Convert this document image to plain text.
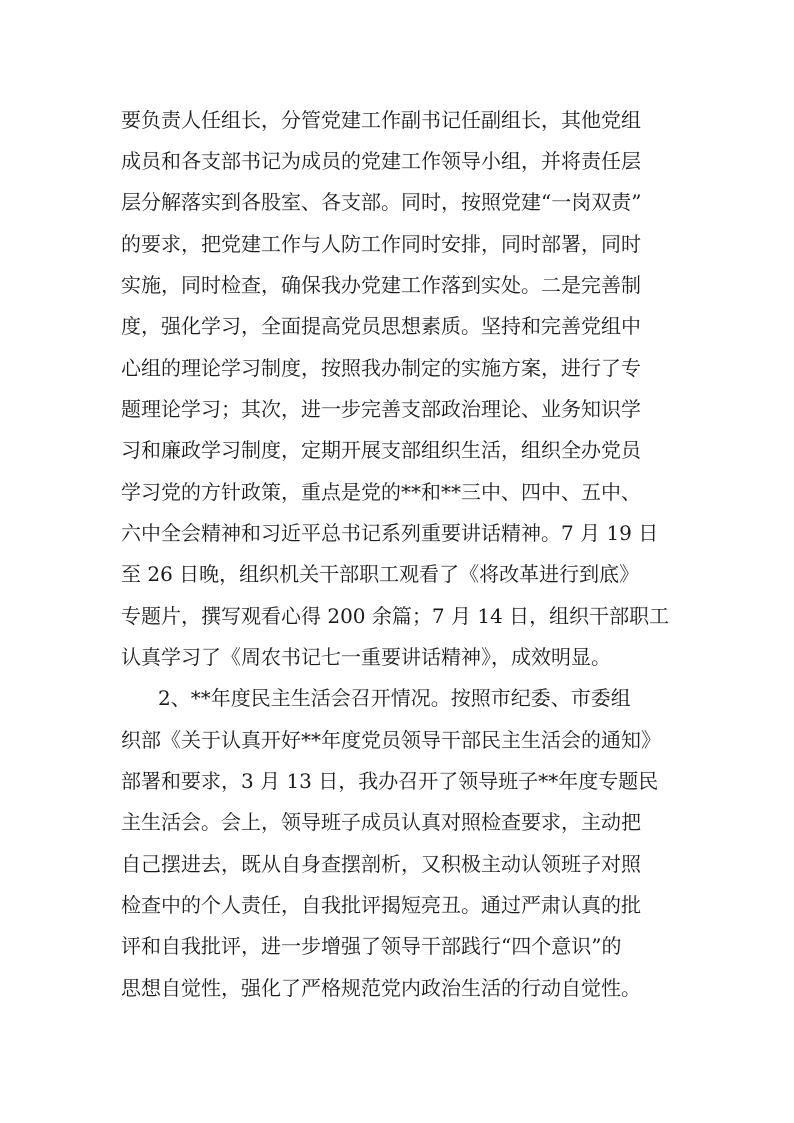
要负责人任组长，分管党建工作副书记任副组长，其他党组
成员和各支部书记为成员的党建工作领导小组，并将责任层
层分解落实到各股室、各支部。同时，按照党建“一岗双责”
的要求，把党建工作与人防工作同时安排，同时部署，同时
实施，同时检查，确保我办党建工作落到实处。二是完善制
度，强化学习，全面提高党员思想素质。坚持和完善党组中
心组的理论学习制度，按照我办制定的实施方案，进行了专
题理论学习；其次，进一步完善支部政治理论、业务知识学
习和廉政学习制度，定期开展支部组织生活，组织全办党员
学习党的方针政策，重点是党的**和**三中、四中、五中、
六中全会精神和习近平总书记系列重要讲话精神。7 月 19 日
至 26 日晚，组织机关干部职工观看了《将改革进行到底》
专题片，撰写观看心得 200 余篇；7 月 14 日，组织干部职工
认真学习了《周农书记七一重要讲话精神》，成效明显。
2、**年度民主生活会召开情况。按照市纪委、市委组
织部《关于认真开好**年度党员领导干部民主生活会的通知》
部署和要求，3 月 13 日，我办召开了领导班子**年度专题民
主生活会。会上，领导班子成员认真对照检查要求，主动把
自己摆进去，既从自身查摆剖析，又积极主动认领班子对照
检查中的个人责任，自我批评揭短亮丑。通过严肃认真的批
评和自我批评，进一步增强了领导干部践行“四个意识”的
思想自觉性，强化了严格规范党内政治生活的行动自觉性。
